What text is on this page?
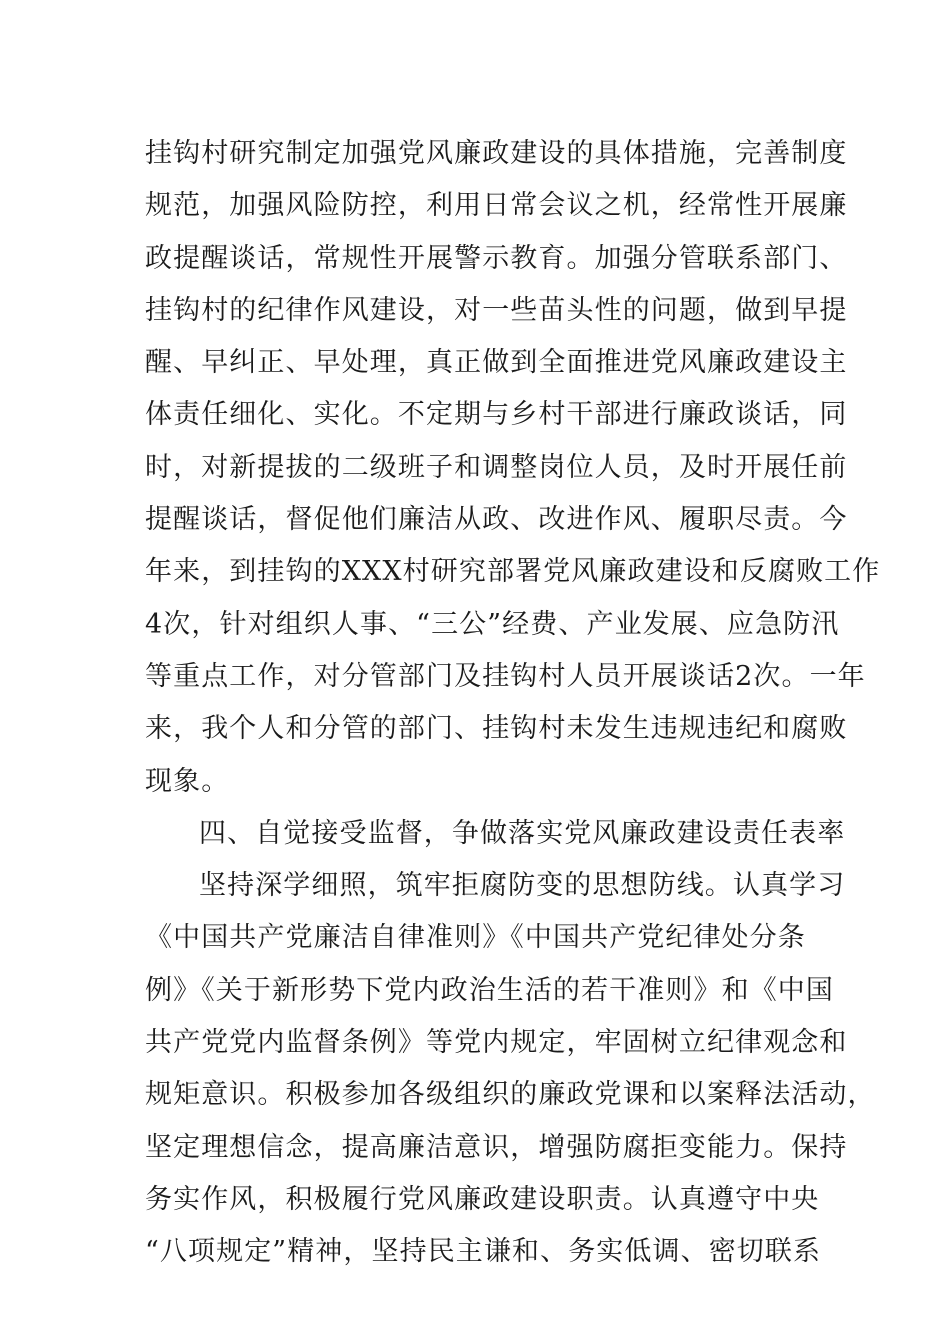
挂钩村研究制定加强党风廉政建设的具体措施，完善制度
规范，加强风险防控，利用日常会议之机，经常性开展廉
政提醒谈话，常规性开展警示教育。加强分管联系部门、
挂钩村的纪律作风建设，对一些苗头性的问题，做到早提
醒、早纠正、早处理，真正做到全面推进党风廉政建设主
体责任细化、实化。不定期与乡村干部进行廉政谈话，同
时，对新提拔的二级班子和调整岗位人员，及时开展任前
提醒谈话，督促他们廉洁从政、改进作风、履职尽责。今
年来，到挂钩的XXX村研究部署党风廉政建设和反腐败工作
4次，针对组织人事、“三公”经费、产业发展、应急防汛
等重点工作，对分管部门及挂钩村人员开展谈话2次。一年
来，我个人和分管的部门、挂钩村未发生违规违纪和腐败
现象。
四、自觉接受监督，争做落实党风廉政建设责任表率
坚持深学细照，筑牢拒腐防变的思想防线。认真学习
《中国共产党廉洁自律准则》《中国共产党纪律处分条
例》《关于新形势下党内政治生活的若干准则》和《中国
共产党党内监督条例》等党内规定，牢固树立纪律观念和
规矩意识。积极参加各级组织的廉政党课和以案释法活动，
坚定理想信念，提高廉洁意识，增强防腐拒变能力。保持
务实作风，积极履行党风廉政建设职责。认真遵守中央
“八项规定”精神，坚持民主谦和、务实低调、密切联系
